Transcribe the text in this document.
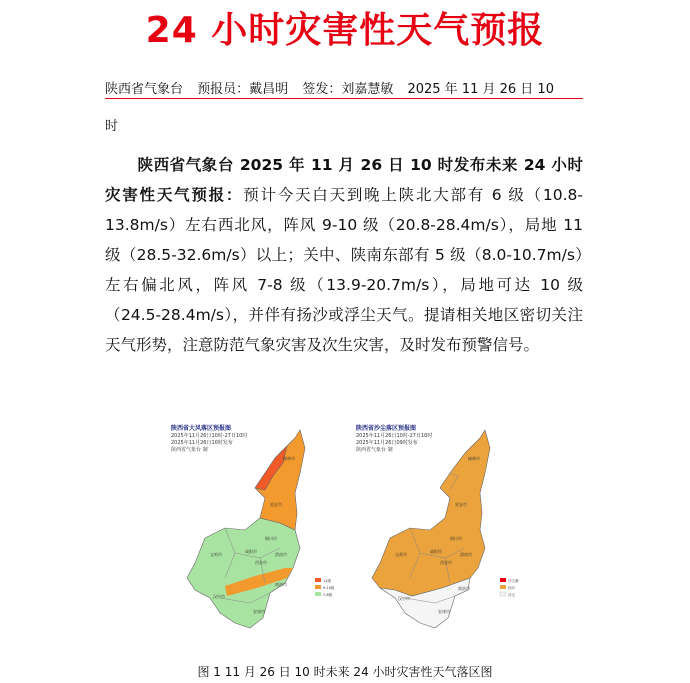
24 小时灾害性天气预报
陕西省气象台 预报员：戴昌明 签发：刘嘉慧敏 2025 年 11 月 26 日 10
时
陕西省气象台 2025 年 11 月 26 日 10 时发布未来 24 小时灾害性天气预报：预计今天白天到晚上陕北大部有 6 级（10.8-13.8m/s）左右西北风，阵风 9-10 级（20.8-28.4m/s），局地 11 级（28.5-32.6m/s）以上；关中、陕南东部有 5 级（8.0-10.7m/s）左右偏北风，阵风 7-8 级（13.9-20.7m/s），局地可达 10 级（24.5-28.4m/s），并伴有扬沙或浮尘天气。提请相关地区密切关注天气形势，注意防范气象灾害及次生灾害，及时发布预警信号。
陕西省大风落区预报图
2025年11月26日10时-27日10时
2025年11月26日10时发布
陕西省气象台 制
11级
9-10级
7-8级
榆林市
延安市
铜川市
宝鸡市
咸阳市
西安市
渭南市
汉中市
安康市
商洛市
陕西省沙尘落区预报图
2025年11月26日10时-27日10时
2025年11月26日09时发布
陕西省气象台 制
沙尘暴
扬沙
浮尘
榆林市
延安市
铜川市
宝鸡市
咸阳市
西安市
渭南市
汉中市
安康市
商洛市
图 1 11 月 26 日 10 时未来 24 小时灾害性天气落区图
